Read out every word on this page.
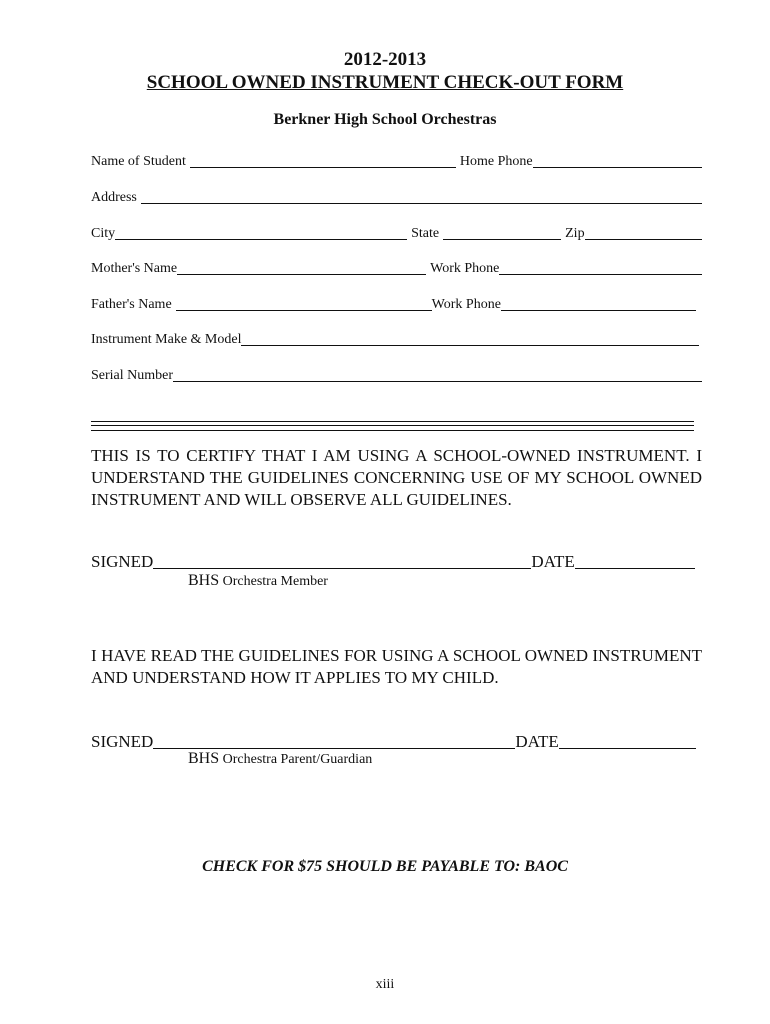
2012-2013
SCHOOL OWNED INSTRUMENT CHECK-OUT FORM
Berkner High School Orchestras
Name of Student	Home Phone
Address
City	State	Zip
Mother's Name	Work Phone
Father's Name	Work Phone
Instrument Make & Model
Serial Number
THIS IS TO CERTIFY THAT I AM USING A SCHOOL-OWNED INSTRUMENT. I UNDERSTAND THE GUIDELINES CONCERNING USE OF MY SCHOOL OWNED INSTRUMENT AND WILL OBSERVE ALL GUIDELINES.
SIGNED	DATE
BHS Orchestra Member
I HAVE READ THE GUIDELINES FOR USING A SCHOOL OWNED INSTRUMENT AND UNDERSTAND HOW IT APPLIES TO MY CHILD.
SIGNED	DATE
BHS Orchestra Parent/Guardian
CHECK FOR $75 SHOULD BE PAYABLE TO: BAOC
xiii
